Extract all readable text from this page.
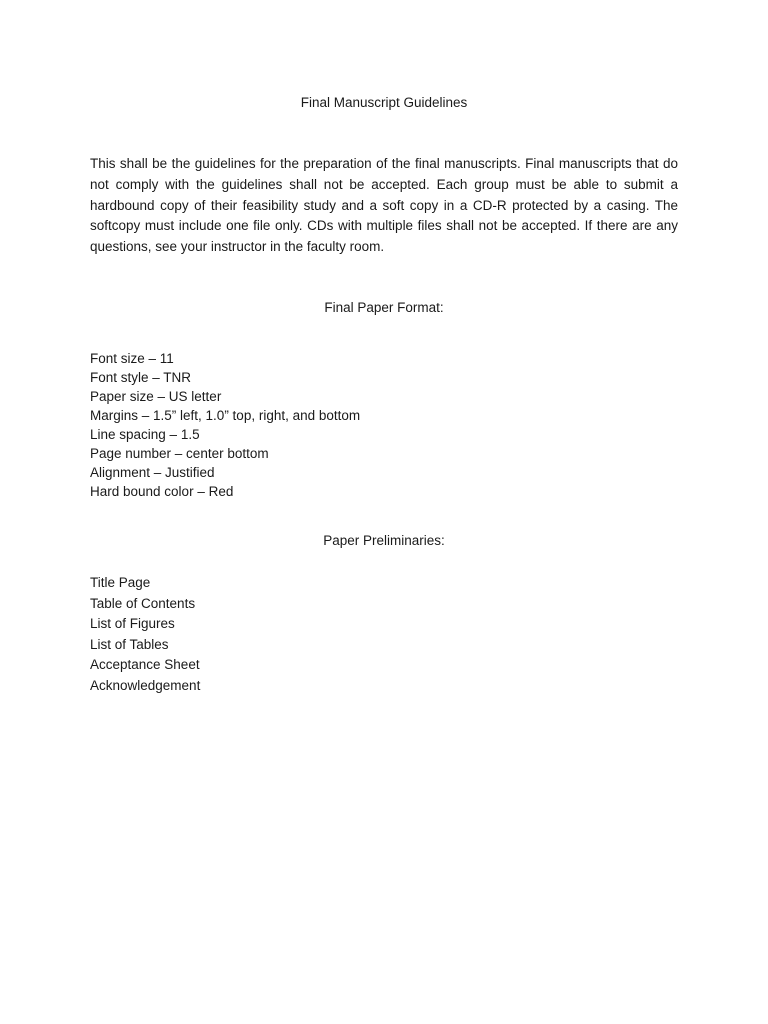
Final Manuscript Guidelines

This shall be the guidelines for the preparation of the final manuscripts. Final manuscripts that do not comply with the guidelines shall not be accepted. Each group must be able to submit a hardbound copy of their feasibility study and a soft copy in a CD-R protected by a casing. The softcopy must include one file only. CDs with multiple files shall not be accepted. If there are any questions, see your instructor in the faculty room.

Final Paper Format:
Font size – 11
Font style – TNR
Paper size – US letter
Margins – 1.5” left, 1.0” top, right, and bottom
Line spacing – 1.5
Page number – center bottom
Alignment – Justified
Hard bound color – Red
Paper Preliminaries:
Title Page
Table of Contents
List of Figures
List of Tables
Acceptance Sheet
Acknowledgement
